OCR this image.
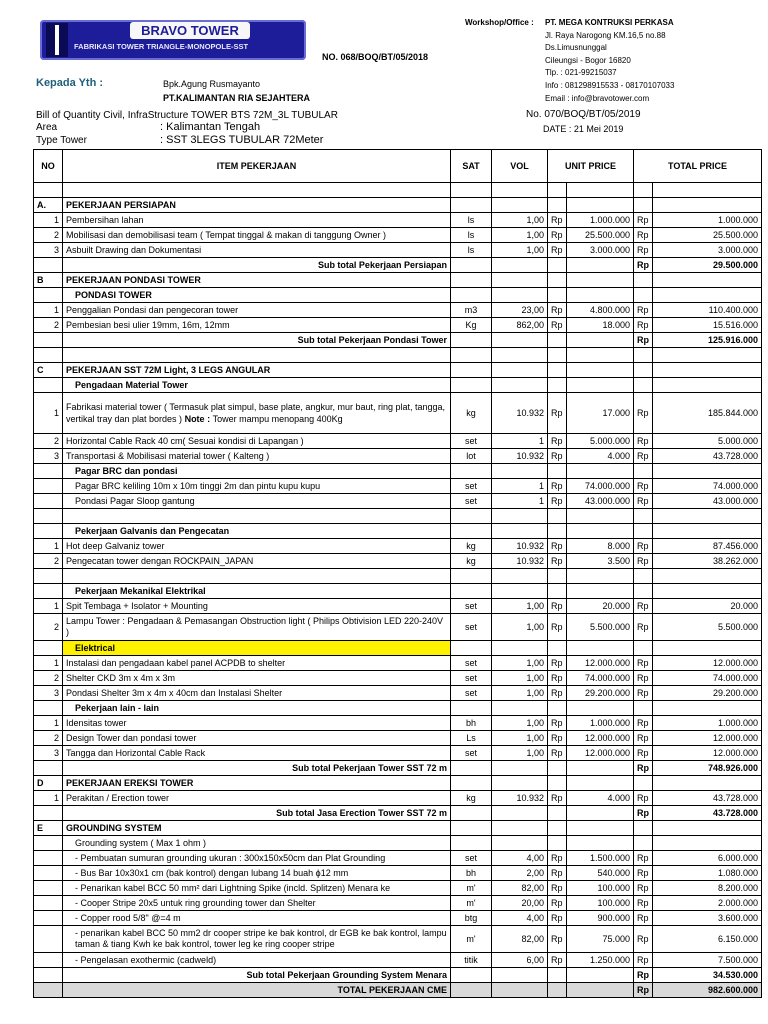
BRAVO TOWER
FABRIKASI TOWER TRIANGLE-MONOPOLE-SST
NO. 068/BOQ/BT/05/2018
Workshop/Office : PT. MEGA KONTRUKSI PERKASA
Jl. Raya Narogong KM.16,5 no.88
Ds.Limusnunggal
Cileungsi - Bogor 16820
Tlp. : 021-99215037
Info : 081298915533 - 08170107033
Email : info@bravotower.com
Kepada Yth :	Bpk.Agung Rusmayanto
PT.KALIMANTAN RIA SEJAHTERA
Bill of Quantity Civil, InfraStructure TOWER BTS 72M_3L TUBULAR
Area	: Kalimantan Tengah
Type Tower	: SST 3LEGS TUBULAR 72Meter
No. 070/BOQ/BT/05/2019
DATE : 21 Mei 2019
NO	ITEM PEKERJAAN	SAT	VOL	UNIT PRICE		TOTAL PRICE	

A.	PEKERJAAN PERSIAPAN						
1	Pembersihan lahan	ls	1,00	Rp	1.000.000	Rp	1.000.000
2	Mobilisasi dan demobilisasi team ( Tempat tinggal & makan di tanggung Owner )	ls	1,00	Rp	25.500.000	Rp	25.500.000
3	Asbuilt Drawing dan Dokumentasi	ls	1,00	Rp	3.000.000	Rp	3.000.000
	Sub total Pekerjaan Persiapan					Rp	29.500.000
B	PEKERJAAN PONDASI TOWER						
	PONDASI TOWER						
1	Penggalian Pondasi dan pengecoran tower	m3	23,00	Rp	4.800.000	Rp	110.400.000
2	Pembesian besi ulier 19mm, 16m, 12mm	Kg	862,00	Rp	18.000	Rp	15.516.000
	Sub total Pekerjaan Pondasi Tower					Rp	125.916.000

C	PEKERJAAN SST 72M Light, 3 LEGS ANGULAR						
	Pengadaan Material Tower						
1	Fabrikasi material tower ( Termasuk plat simpul, base plate, angkur, mur baut, ring plat, tangga, vertikal tray dan plat bordes ) Note : Tower mampu menopang 400Kg	kg	10.932	Rp	17.000	Rp	185.844.000
2	Horizontal Cable Rack 40 cm( Sesuai kondisi di Lapangan )	set	1	Rp	5.000.000	Rp	5.000.000
3	Transportasi & Mobilisasi material tower ( Kalteng )	lot	10.932	Rp	4.000	Rp	43.728.000
	Pagar BRC dan pondasi						
	Pagar BRC keliling 10m x 10m tinggi 2m dan pintu kupu kupu	set	1	Rp	74.000.000	Rp	74.000.000
	Pondasi Pagar Sloop gantung	set	1	Rp	43.000.000	Rp	43.000.000

	Pekerjaan Galvanis dan Pengecatan						
1	Hot deep Galvaniz tower	kg	10.932	Rp	8.000	Rp	87.456.000
2	Pengecatan tower dengan ROCKPAIN_JAPAN	kg	10.932	Rp	3.500	Rp	38.262.000

	Pekerjaan Mekanikal Elektrikal						
1	Spit Tembaga + Isolator + Mounting	set	1,00	Rp	20.000	Rp	20.000
2	Lampu Tower : Pengadaan & Pemasangan Obstruction light ( Philips Obtivision LED 220-240V )	set	1,00	Rp	5.500.000	Rp	5.500.000
	Elektrical						
1	Instalasi dan pengadaan kabel panel ACPDB to shelter	set	1,00	Rp	12.000.000	Rp	12.000.000
2	Shelter CKD 3m x 4m x 3m	set	1,00	Rp	74.000.000	Rp	74.000.000
3	Pondasi Shelter 3m x 4m x 40cm dan Instalasi Shelter	set	1,00	Rp	29.200.000	Rp	29.200.000
	Pekerjaan lain - lain						
1	Idensitas tower	bh	1,00	Rp	1.000.000	Rp	1.000.000
2	Design Tower dan pondasi tower	Ls	1,00	Rp	12.000.000	Rp	12.000.000
3	Tangga dan Horizontal Cable Rack	set	1,00	Rp	12.000.000	Rp	12.000.000
	Sub total Pekerjaan Tower SST 72 m					Rp	748.926.000
D	PEKERJAAN EREKSI TOWER						
1	Perakitan / Erection tower	kg	10.932	Rp	4.000	Rp	43.728.000
	Sub total Jasa Erection Tower SST 72 m					Rp	43.728.000
E	GROUNDING SYSTEM						
	Grounding system ( Max 1 ohm )						
	- Pembuatan sumuran grounding ukuran : 300x150x50cm dan Plat Grounding	set	4,00	Rp	1.500.000	Rp	6.000.000
	- Bus Bar 10x30x1 cm (bak kontrol) dengan lubang 14 buah ϕ12 mm	bh	2,00	Rp	540.000	Rp	1.080.000
	- Penarikan kabel BCC 50 mm² dari Lightning Spike (incld. Splitzen) Menara ke	m'	82,00	Rp	100.000	Rp	8.200.000
	- Cooper Stripe 20x5 untuk ring grounding tower dan Shelter	m'	20,00	Rp	100.000	Rp	2.000.000
	- Copper rood 5/8" @=4 m	btg	4,00	Rp	900.000	Rp	3.600.000
	- penarikan kabel BCC 50 mm2 dr cooper stripe ke bak kontrol, dr EGB ke bak kontrol, lampu taman & tiang Kwh ke bak kontrol, tower leg ke ring cooper stripe	m'	82,00	Rp	75.000	Rp	6.150.000
	- Pengelasan exothermic (cadweld)	titik	6,00	Rp	1.250.000	Rp	7.500.000
	Sub total Pekerjaan Grounding System Menara					Rp	34.530.000
	TOTAL PEKERJAAN CME					Rp	982.600.000
